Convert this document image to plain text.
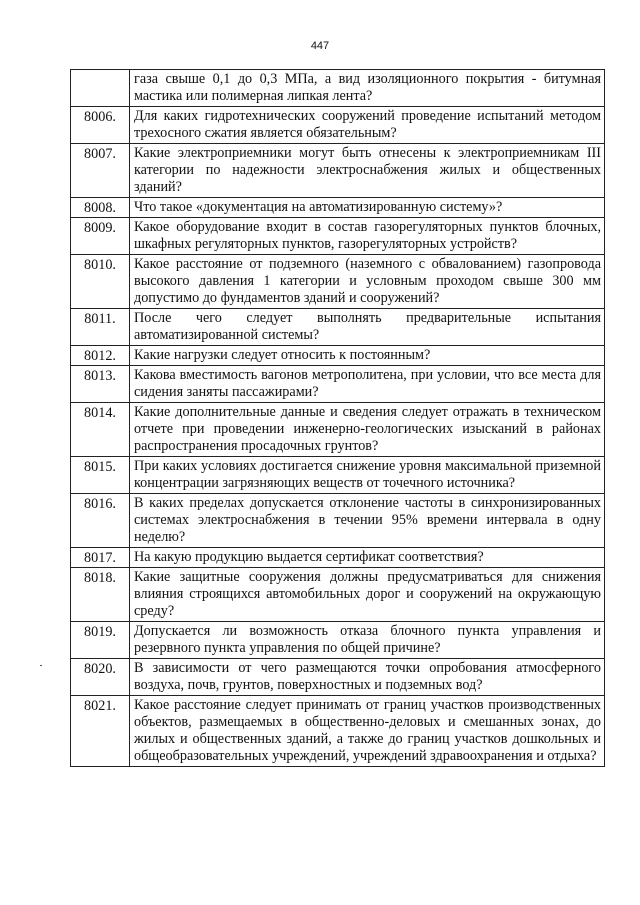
447
	газа свыше 0,1 до 0,3 МПа, а вид изоляционного покрытия - битумная мастика или полимерная липкая лента?
8006.	Для каких гидротехнических сооружений проведение испытаний методом трехосного сжатия является обязательным?
8007.	Какие электроприемники могут быть отнесены к электроприемникам III категории по надежности электроснабжения жилых и общественных зданий?
8008.	Что такое «документация на автоматизированную систему»?
8009.	Какое оборудование входит в состав газорегуляторных пунктов блочных, шкафных регуляторных пунктов, газорегуляторных устройств?
8010.	Какое расстояние от подземного (наземного с обвалованием) газопровода высокого давления 1 категории и условным проходом свыше 300 мм допустимо до фундаментов зданий и сооружений?
8011.	После чего следует выполнять предварительные испытания автоматизированной системы?
8012.	Какие нагрузки следует относить к постоянным?
8013.	Какова вместимость вагонов метрополитена, при условии, что все места для сидения заняты пассажирами?
8014.	Какие дополнительные данные и сведения следует отражать в техническом отчете при проведении инженерно-геологических изысканий в районах распространения просадочных грунтов?
8015.	При каких условиях достигается снижение уровня максимальной приземной концентрации загрязняющих веществ от точечного источника?
8016.	В каких пределах допускается отклонение частоты в синхронизированных системах электроснабжения в течении 95% времени интервала в одну неделю?
8017.	На какую продукцию выдается сертификат соответствия?
8018.	Какие защитные сооружения должны предусматриваться для снижения влияния строящихся автомобильных дорог и сооружений на окружающую среду?
8019.	Допускается ли возможность отказа блочного пункта управления и резервного пункта управления по общей причине?
8020.	В зависимости от чего размещаются точки опробования атмосферного воздуха, почв, грунтов, поверхностных и подземных вод?
8021.	Какое расстояние следует принимать от границ участков производственных объектов, размещаемых в общественно-деловых и смешанных зонах, до жилых и общественных зданий, а также до границ участков дошкольных и общеобразовательных учреждений, учреждений здравоохранения и отдыха?
